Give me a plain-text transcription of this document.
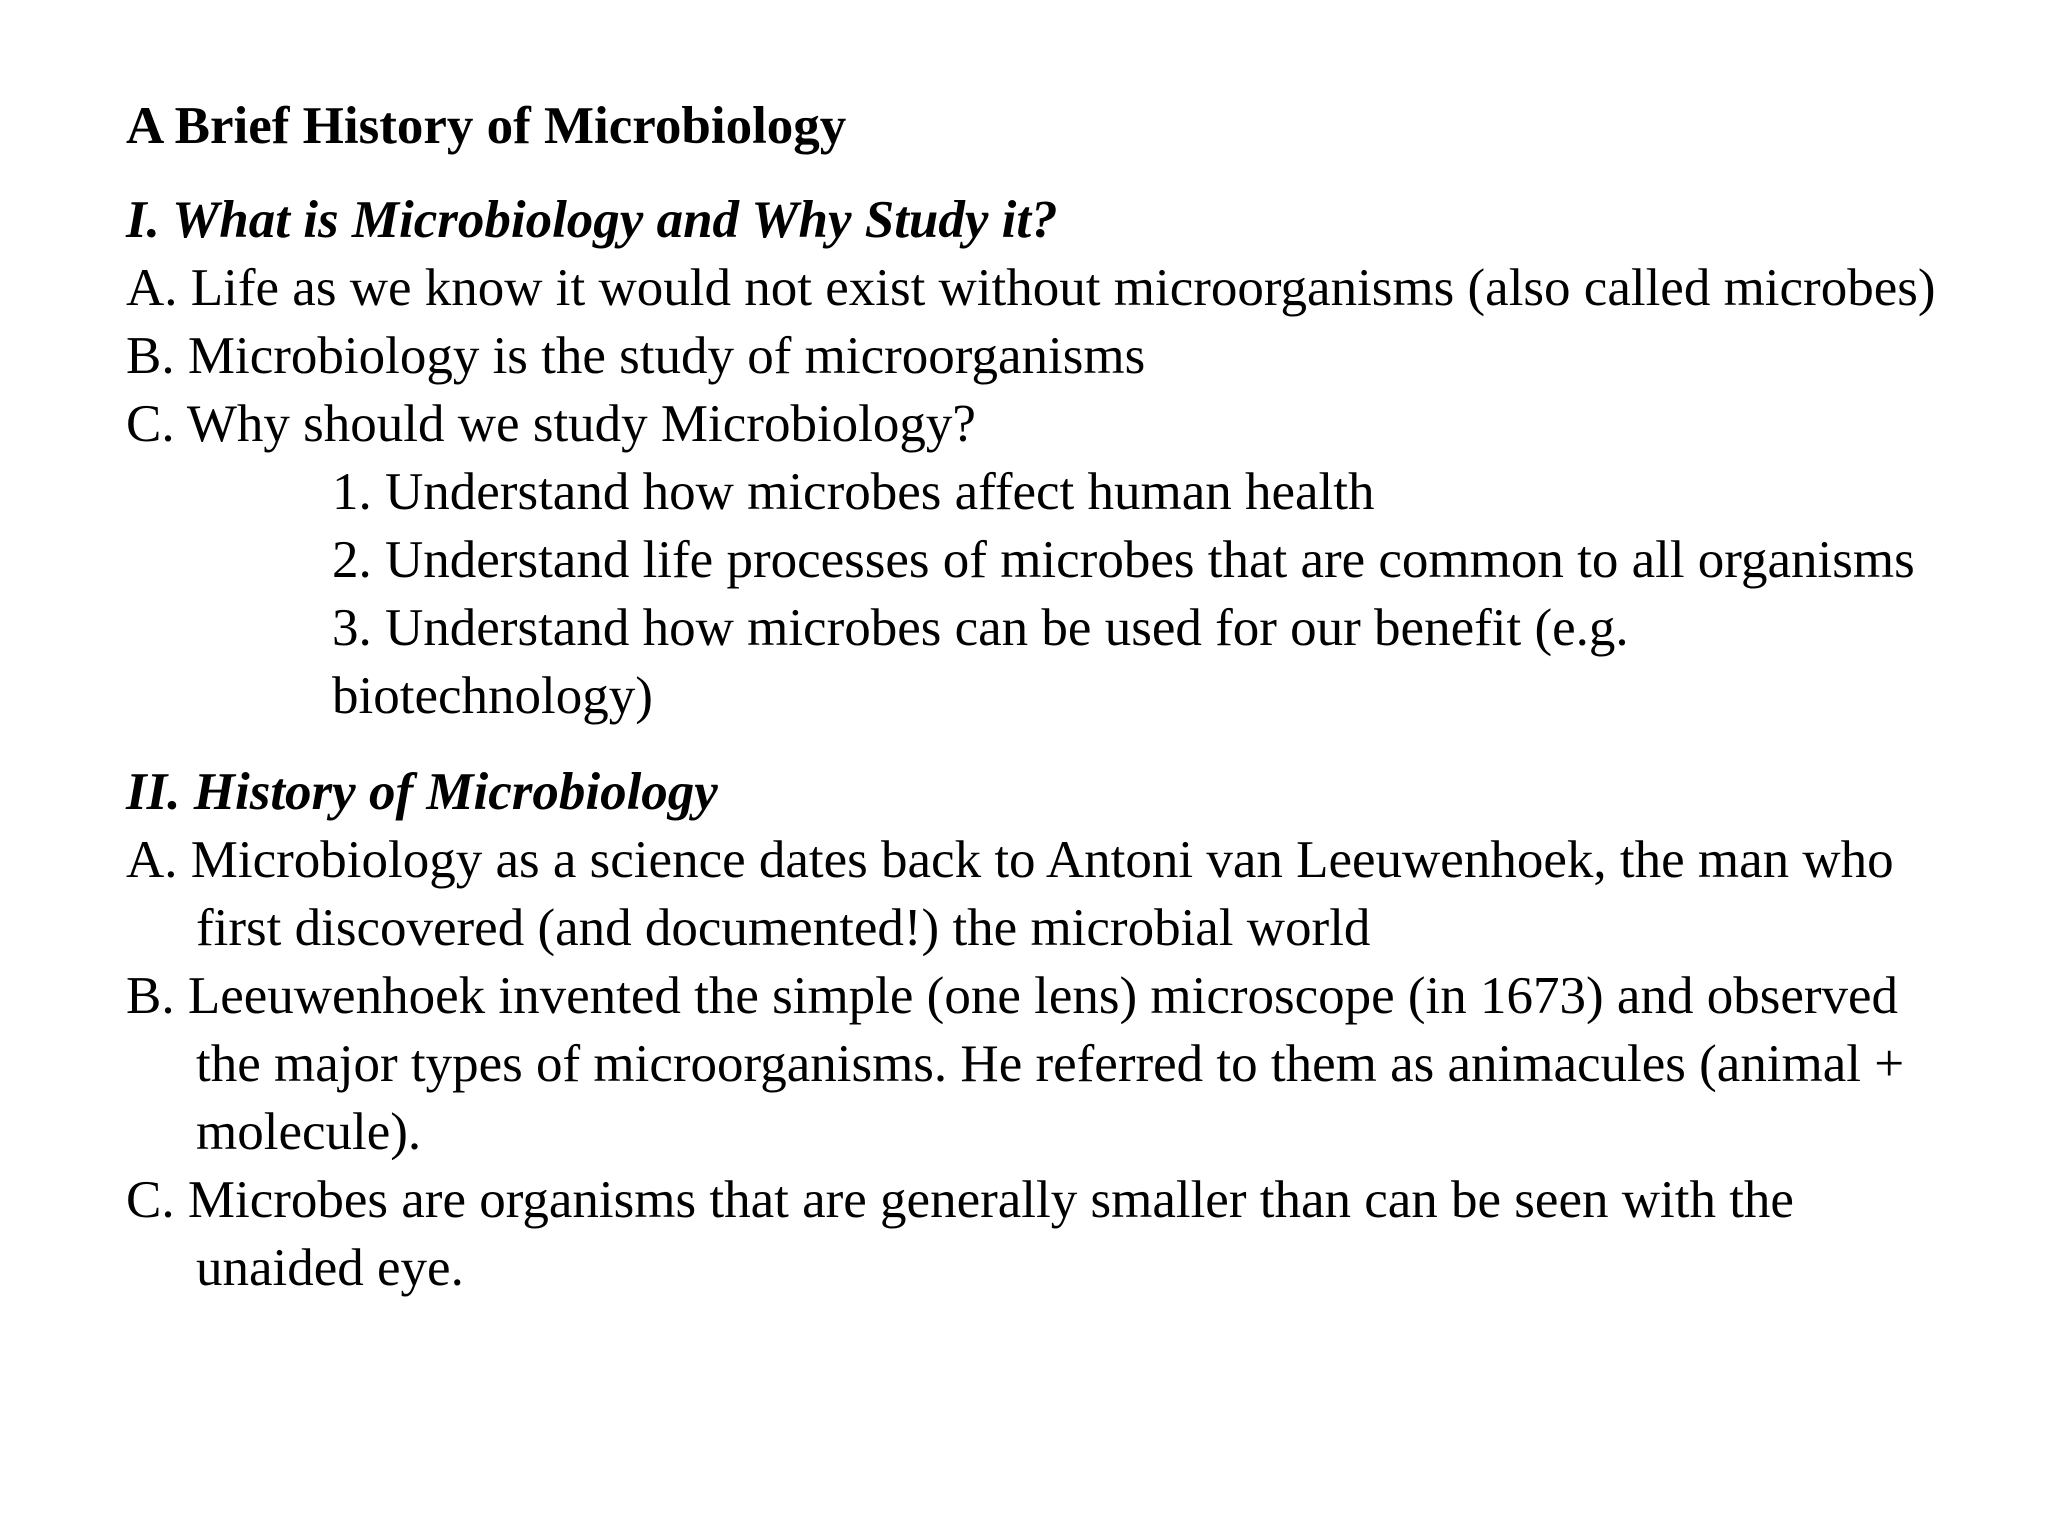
A Brief History of Microbiology
I. What is Microbiology and Why Study it?
A. Life as we know it would not exist without microorganisms (also called microbes)
B. Microbiology is the study of microorganisms
C. Why should we study Microbiology?
1. Understand how microbes affect human health
2. Understand life processes of microbes that are common to all organisms
3. Understand how microbes can be used for our benefit (e.g. biotechnology)
II. History of Microbiology
A. Microbiology as a science dates back to Antoni van Leeuwenhoek, the man who first discovered (and documented!) the microbial world
B. Leeuwenhoek invented the simple (one lens) microscope (in 1673) and observed the major types of microorganisms. He referred to them as animacules (animal + molecule).
C. Microbes are organisms that are generally smaller than can be seen with the unaided eye.
